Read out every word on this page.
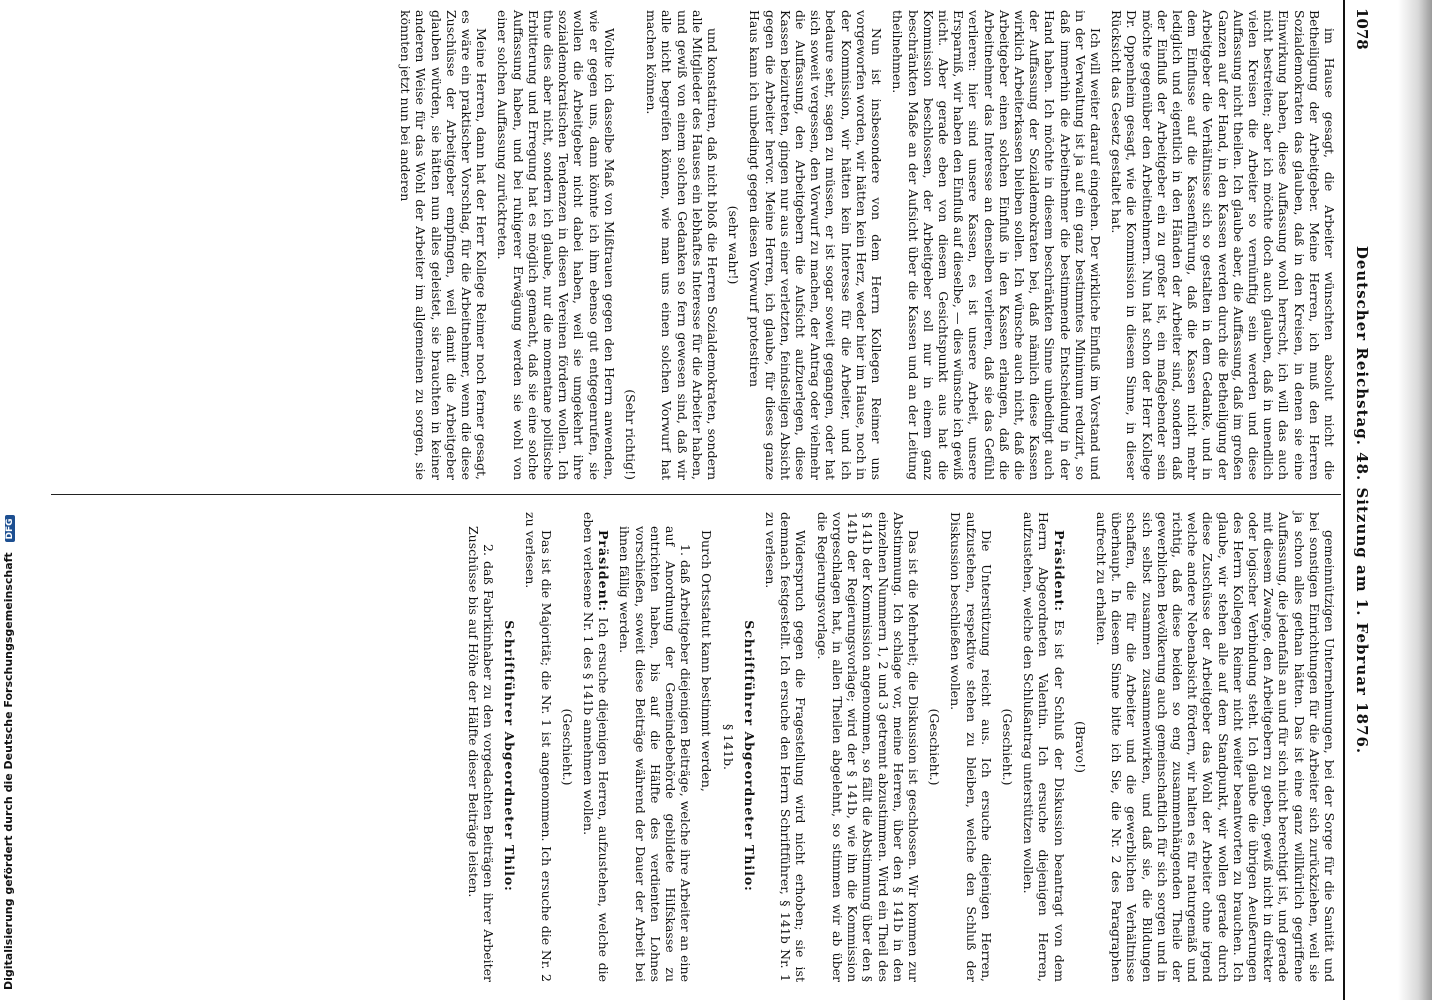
Digitalisierung gefördert durch die Deutsche Forschungsgemeinschaft DFG
1078
Deutscher Reichstag. 48. Sitzung am 1. Februar 1876.

im Hause gesagt, die Arbeiter wünschten absolut nicht die Betheiligung der Arbeitgeber. Meine Herren, ich muß den Herren Sozialdemokraten das glauben, daß in den Kreisen, in denen sie eine Einwirkung haben, diese Auffassung wohl herrscht, ich will das auch nicht bestreiten; aber ich möchte doch auch glauben, daß in unendlich vielen Kreisen die Arbeiter so vernünftig sein werden und diese Auffassung nicht theilen. Ich glaube aber, die Auffassung, daß im großen Ganzen auf der Hand, in den Kassen werden durch die Betheiligung der Arbeitgeber die Verhältnisse sich so gestalten in dem Gedanke, und in dem Einflusse auf die Kassenführung, daß die Kassen nicht mehr lediglich und eigentlich in den Händen der Arbeiter sind, sondern daß der Einfluß der Arbeitgeber ein zu großer ist, ein maßgebender sein möchte gegenüber den Arbeitnehmern. Nun hat schon der Herr Kollege Dr. Oppenheim gesagt, wie die Kommission in diesem Sinne, in dieser Rücksicht das Gesetz gestaltet hat.

Ich will weiter darauf eingehen. Der wirkliche Einfluß im Vorstand und in der Verwaltung ist ja auf ein ganz bestimmtes Minimum reduzirt, so daß immerhin die Arbeitnehmer die bestimmende Entscheidung in der Hand haben. Ich möchte in diesem beschränkten Sinne unbedingt auch der Auffassung der Sozialdemokraten bei, daß nämlich diese Kassen wirklich Arbeiterkassen bleiben sollen. Ich wünsche auch nicht, daß die Arbeitgeber einen solchen Einfluß in den Kassen erlangen, daß die Arbeitnehmer das Interesse an denselben verlieren, daß sie das Gefühl verlieren: hier sind unsere Kassen, es ist unsere Arbeit, unsere Ersparniß, wir haben den Einfluß auf dieselbe, — dies wünsche ich gewiß nicht. Aber gerade eben von diesem Gesichtspunkt aus hat die Kommission beschlossen, der Arbeitgeber soll nur in einem ganz beschränkten Maße an der Aufsicht über die Kassen und an der Leitung theilnehmen.

Nun ist insbesondere von dem Herrn Kollegen Reimer uns vorgeworfen worden, wir hätten kein Herz, weder hier im Hause, noch in der Kommission, wir hätten kein Interesse für die Arbeiter, und ich bedaure sehr, sagen zu müssen, er ist sogar soweit gegangen, oder hat sich soweit vergessen, den Vorwurf zu machen, der Antrag oder vielmehr die Auffassung, den Arbeitgebern die Aufsicht aufzuerlegen, diese Kassen beizutreten, gingen nur aus einer verletzten, feindseligen Absicht gegen die Arbeiter hervor. Meine Herren, ich glaube, für dieses ganze Haus kann ich unbedingt gegen diesen Vorwurf protestiren

(sehr wahr!)

und konstatiren, daß nicht bloß die Herren Sozialdemokraten, sondern alle Mitglieder des Hauses ein lebhaftes Interesse für die Arbeiter haben, und gewiß von einem solchen Gedanken so fern gewesen sind, daß wir alle nicht begreifen können, wie man uns einen solchen Vorwurf hat machen können.

(Sehr richtig!)

Wollte ich dasselbe Maß von Mißtrauen gegen den Herrn anwenden, wie er gegen uns, dann könnte ich ihm ebenso gut entgegenrufen, sie wollen die Arbeitgeber nicht dabei haben, weil sie umgekehrt ihre sozialdemokratischen Tendenzen in diesen Vereinen fördern wollen. Ich thue dies aber nicht, sondern ich glaube, nur die momentane politische Erbitterung und Erregung hat es möglich gemacht, daß sie eine solche Auffassung haben, und bei ruhigerer Erwägung werden sie wohl von einer solchen Auffassung zurücktreten.

Meine Herren, dann hat der Herr Kollege Reimer noch ferner gesagt, es wäre ein praktischer Vorschlag, für die Arbeitnehmer, wenn die diese Zuschüsse der Arbeitgeber empfingen, weil damit die Arbeitgeber glauben würden, sie hätten nun alles geleistet, sie brauchten in keiner anderen Weise für das Wohl der Arbeiter im allgemeinen zu sorgen, sie könnten jetzt nun bei anderen

gemeinnützigen Unternehmungen, bei der Sorge für die Sanität und bei sonstigen Einrichtungen für die Arbeiter sich zurückziehen, weil sie ja schon alles gethan hätten. Das ist eine ganz willkürlich gegriffene Auffassung, die jedenfalls an und für sich nicht berechtigt ist, und gerade mit diesem Zwange, den Arbeitgebern zu geben, gewiß nicht in direkter oder logischer Verbindung steht. Ich glaube die übrigen Aeußerungen des Herrn Kollegen Reimer nicht weiter beantworten zu brauchen. Ich glaube, wir stehen alle auf dem Standpunkt, wir wollen gerade durch diese Zuschüsse der Arbeitgeber das Wohl der Arbeiter ohne irgend welche andere Nebenabsicht fördern, wir halten es für naturgemäß und richtig, daß diese beiden so eng zusammenhängenden Theile der gewerblichen Bevölkerung auch gemeinschaftlich für sich sorgen und in sich selbst zusammen zusammenwirken, und daß sie, die Bildungen schaffen, die für die Arbeiter und die gewerblichen Verhältnisse überhaupt. In diesem Sinne bitte ich Sie, die Nr. 2 des Paragraphen aufrecht zu erhalten.

(Bravo!)

Präsident: Es ist der Schluß der Diskussion beantragt von dem Herrn Abgeordneten Valentin. Ich ersuche diejenigen Herren, aufzustehen, welche den Schlußantrag unterstützen wollen.

(Geschieht.)

Die Unterstützung reicht aus. Ich ersuche diejenigen Herren, aufzustehen, respektive stehen zu bleiben, welche den Schluß der Diskussion beschließen wollen.

(Geschieht.)

Das ist die Mehrheit; die Diskussion ist geschlossen. Wir kommen zur Abstimmung. Ich schlage vor, meine Herren, über den § 141b in den einzelnen Nummern 1, 2 und 3 getrennt abzustimmen. Wird ein Theil des § 141b der Kommission angenommen, so fällt die Abstimmung über den § 141b der Regierungsvorlage; wird der § 141b, wie ihn die Kommission vorgeschlagen hat, in allen Theilen abgelehnt, so stimmen wir ab über die Regierungsvorlage.

Widerspruch gegen die Fragestellung wird nicht erhoben; sie ist demnach festgestellt. Ich ersuche den Herrn Schriftführer, § 141b Nr. 1 zu verlesen.

Schriftführer Abgeordneter Thilo:

§ 141b.

Durch Ortsstatut kann bestimmt werden,

1. daß Arbeitgeber diejenigen Beiträge, welche ihre Arbeiter an eine auf Anordnung der Gemeindebehörde gebildete Hilfskasse zu entrichten haben, bis auf die Hälfte des verdienten Lohnes vorschießen, soweit diese Beiträge während der Dauer der Arbeit bei ihnen fällig werden.

Präsident: Ich ersuche diejenigen Herren, aufzustehen, welche die eben verlesene Nr. 1 des § 141b annehmen wollen.

(Geschieht.)

Das ist die Majorität; die Nr. 1 ist angenommen. Ich ersuche die Nr. 2 zu verlesen.

Schriftführer Abgeordneter Thilo:

2. daß Fabrikinhaber zu den vorgedachten Beiträgen ihrer Arbeiter Zuschüsse bis auf Höhe der Hälfte dieser Beiträge leisten.
